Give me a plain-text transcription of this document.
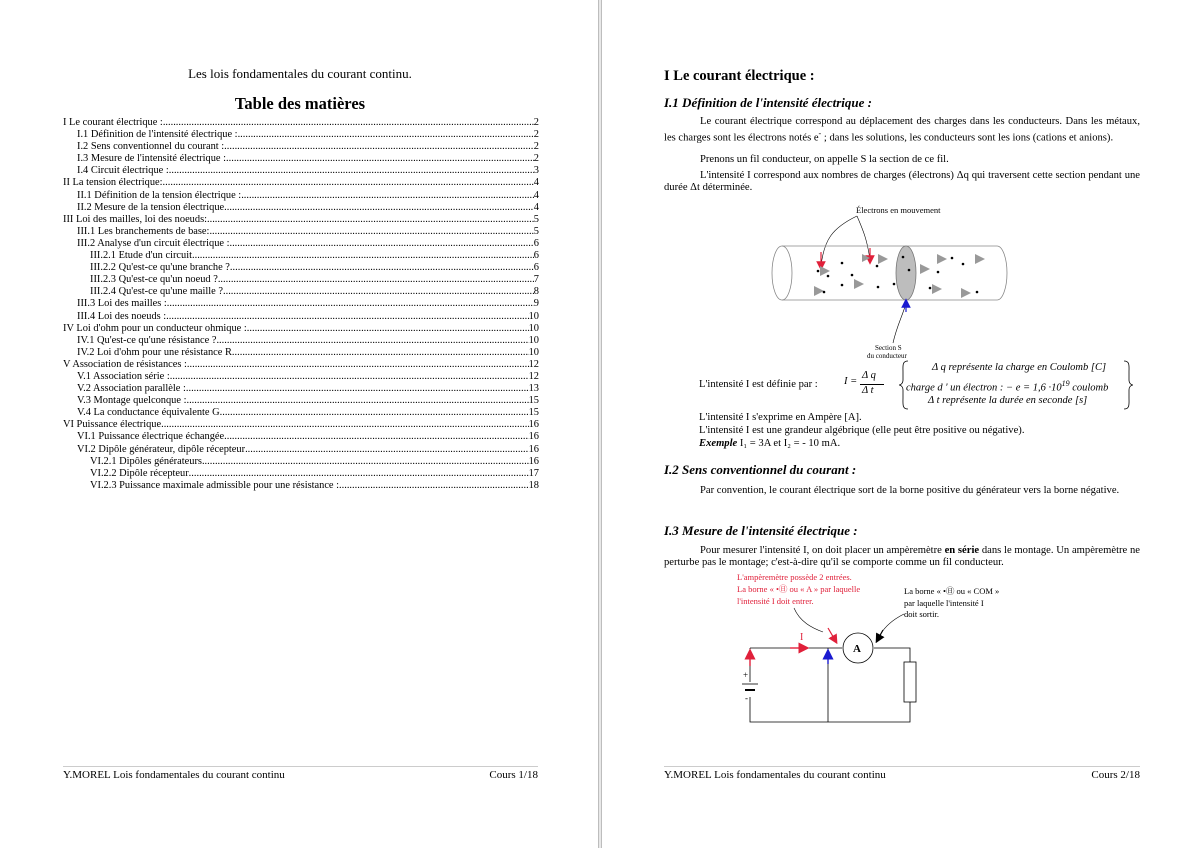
Les lois fondamentales du courant continu.
Table des matières
I Le courant électrique : .....	2
I.1 Définition de l'intensité électrique : .....	2
I.2 Sens conventionnel du courant : .....	2
I.3 Mesure de l'intensité électrique : .....	2
I.4 Circuit électrique : .....	3
II La tension électrique: .....	4
II.1 Définition de la tension électrique : .....	4
II.2 Mesure de la tension électrique .....	4
III Loi des mailles, loi des noeuds: .....	5
III.1 Les branchements de base: .....	5
III.2 Analyse d'un circuit électrique : .....	6
III.2.1 Etude d'un circuit .....	6
III.2.2 Qu'est-ce qu'une branche ? .....	6
III.2.3 Qu'est-ce qu'un noeud ? .....	7
III.2.4 Qu'est-ce qu'une maille ? .....	8
III.3 Loi des mailles : .....	9
III.4 Loi des noeuds : .....	10
IV Loi d'ohm pour un conducteur ohmique : .....	10
IV.1 Qu'est-ce qu'une résistance ? .....	10
IV.2 Loi d'ohm pour une résistance R .....	10
V Association de résistances : .....	12
V.1 Association série : .....	12
V.2 Association parallèle : .....	13
V.3 Montage quelconque : .....	15
V.4 La conductance équivalente G .....	15
VI Puissance électrique .....	16
VI.1 Puissance électrique échangée .....	16
VI.2 Dipôle générateur, dipôle récepteur .....	16
VI.2.1 Dipôles générateurs .....	16
VI.2.2 Dipôle récepteur .....	17
VI.2.3 Puissance maximale admissible pour une résistance : .....	18
Y.MOREL Lois fondamentales du courant continu	Cours 1/18
I Le courant électrique :
I.1 Définition de l'intensité électrique :
Le courant électrique correspond au déplacement des charges dans les conducteurs. Dans les métaux, les charges sont les électrons notés e- ; dans les solutions, les conducteurs sont les ions (cations et anions).
Prenons un fil conducteur, on appelle S la section de ce fil.
L'intensité I correspond aux nombres de charges (électrons) Δq qui traversent cette section pendant une durée Δt déterminée.
Électrons en mouvement
Section S
du conducteur
L'intensité I est définie par :	I =
Δ q
Δ t
Δ q représente la charge en Coulomb [C]
charge d ' un électron : − $e = 1,6 \cdot 10^{19}$ coulomb
Δ t représente la durée en seconde [s]
L'intensité I s'exprime en Ampère [A].
L'intensité I est une grandeur algébrique (elle peut être positive ou négative).
Exemple I₁ = 3A et I₂ = - 10 mA.
I.2 Sens conventionnel du courant :
Par convention, le courant électrique sort de la borne positive du générateur vers la borne négative.
I.3 Mesure de l'intensité électrique :
Pour mesurer l'intensité I, on doit placer un ampèremètre en série dans le montage. Un ampèremètre ne perturbe pas le montage; c'est-à-dire qu'il se comporte comme un fil conducteur.
L'ampèremètre possède 2 entrées.
La borne « •㊐ ou « A » par laquelle
l'intensité I doit entrer.
La borne « •㊐ ou « COM »
par laquelle l'intensité I
doit sortir.
+
-
A
I
Y.MOREL Lois fondamentales du courant continu	Cours 2/18
